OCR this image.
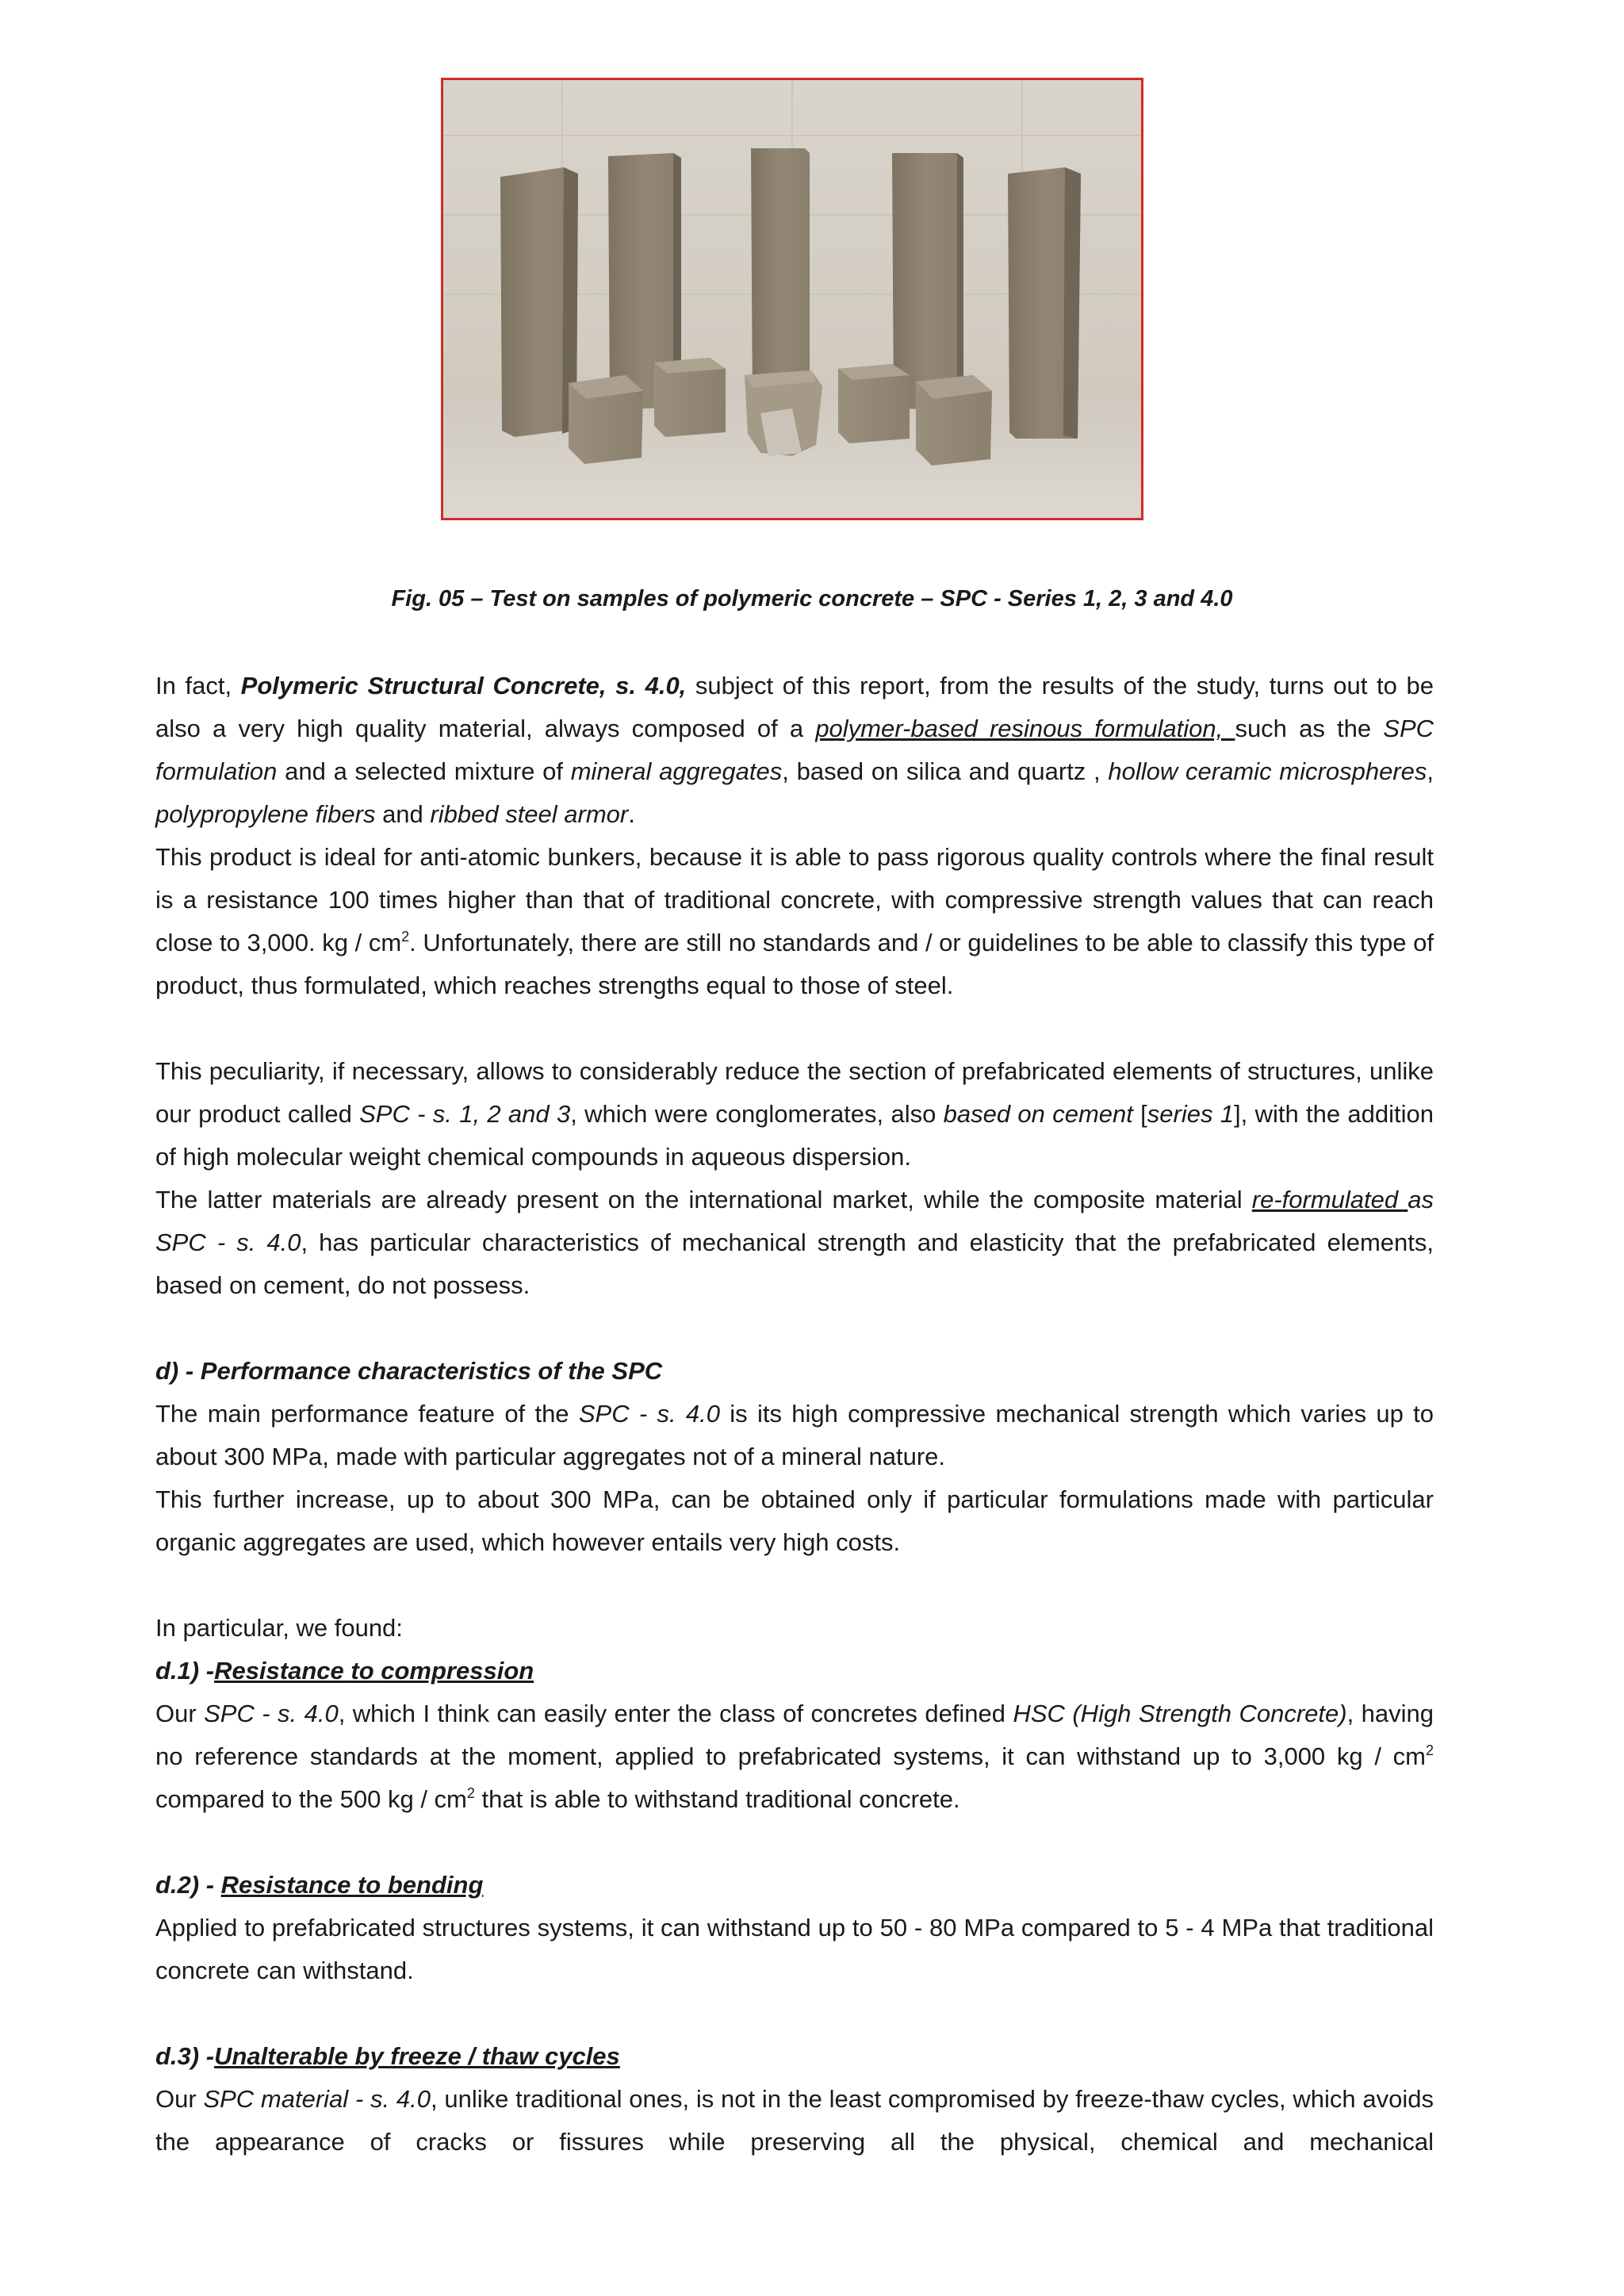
Fig. 05 – Test on samples of polymeric concrete – SPC - Series 1, 2, 3 and 4.0

In fact, Polymeric Structural Concrete, s. 4.0, subject of this report, from the results of the study, turns out to be also a very high quality material, always composed of a polymer-based resinous formulation, such as the SPC formulation and a selected mixture of mineral aggregates, based on silica and quartz , hollow ceramic microspheres, polypropylene fibers and ribbed steel armor.

This product is ideal for anti-atomic bunkers, because it is able to pass rigorous quality controls where the final result is a resistance 100 times higher than that of traditional concrete, with compressive strength values that can reach close to 3,000. kg / $cm^2$. Unfortunately, there are still no standards and / or guidelines to be able to classify this type of product, thus formulated, which reaches strengths equal to those of steel.

This peculiarity, if necessary, allows to considerably reduce the section of prefabricated elements of structures, unlike our product called SPC - s. 1, 2 and 3, which were conglomerates, also based on cement [series 1], with the addition of high molecular weight chemical compounds in aqueous dispersion.

The latter materials are already present on the international market, while the composite material re-formulated as SPC - s. 4.0, has particular characteristics of mechanical strength and elasticity that the prefabricated elements, based on cement, do not possess.

d) - Performance characteristics of the SPC

The main performance feature of the SPC - s. 4.0 is its high compressive mechanical strength which varies up to about 300 MPa, made with particular aggregates not of a mineral nature.

This further increase, up to about 300 MPa, can be obtained only if particular formulations made with particular organic aggregates are used, which however entails very high costs.

In particular, we found:

d.1) -Resistance to compression

Our SPC - s. 4.0, which I think can easily enter the class of concretes defined HSC (High Strength Concrete), having no reference standards at the moment, applied to prefabricated systems, it can withstand up to 3,000 kg / $cm^2$ compared to the 500 kg / $cm^2$ that is able to withstand traditional concrete.

d.2) - Resistance to bending

Applied to prefabricated structures systems, it can withstand up to 50 - 80 MPa compared to 5 - 4 MPa that traditional concrete can withstand.

d.3) -Unalterable by freeze / thaw cycles

Our SPC material - s. 4.0, unlike traditional ones, is not in the least compromised by freeze-thaw cycles, which avoids the appearance of cracks or fissures while preserving all the physical, chemical and mechanical
